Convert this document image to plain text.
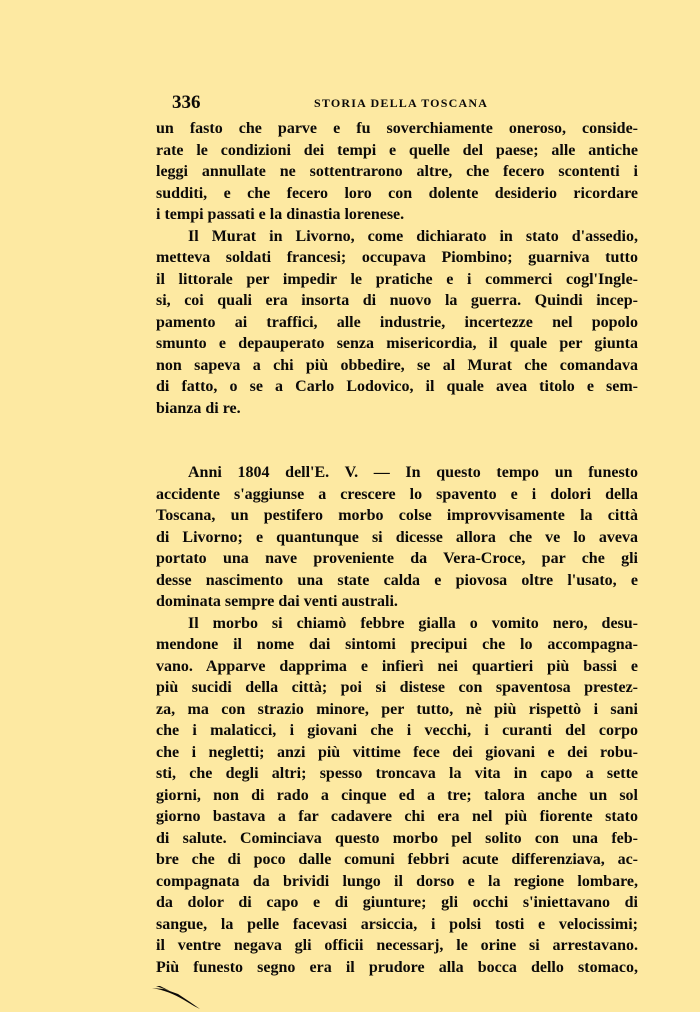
336	STORIA DELLA TOSCANA
un fasto che parve e fu soverchiamente oneroso, conside-
rate le condizioni dei tempi e quelle del paese; alle antiche
leggi annullate ne sottentrarono altre, che fecero scontenti i
sudditi, e che fecero loro con dolente desiderio ricordare
i tempi passati e la dinastia lorenese.
Il Murat in Livorno, come dichiarato in stato d'assedio,
metteva soldati francesi; occupava Piombino; guarniva tutto
il littorale per impedir le pratiche e i commerci cogl'Ingle-
si, coi quali era insorta di nuovo la guerra. Quindi incep-
pamento ai traffici, alle industrie, incertezze nel popolo
smunto e depauperato senza misericordia, il quale per giunta
non sapeva a chi più obbedire, se al Murat che comandava
di fatto, o se a Carlo Lodovico, il quale avea titolo e sem-
bianza di re.
Anni 1804 dell'E. V. — In questo tempo un funesto
accidente s'aggiunse a crescere lo spavento e i dolori della
Toscana, un pestifero morbo colse improvvisamente la città
di Livorno; e quantunque si dicesse allora che ve lo aveva
portato una nave proveniente da Vera-Croce, par che gli
desse nascimento una state calda e piovosa oltre l'usato, e
dominata sempre dai venti australi.
Il morbo si chiamò febbre gialla o vomito nero, desu-
mendone il nome dai sintomi precipui che lo accompagna-
vano. Apparve dapprima e infierì nei quartieri più bassi e
più sucidi della città; poi si distese con spaventosa prestez-
za, ma con strazio minore, per tutto, nè più rispettò i sani
che i malaticci, i giovani che i vecchi, i curanti del corpo
che i negletti; anzi più vittime fece dei giovani e dei robu-
sti, che degli altri; spesso troncava la vita in capo a sette
giorni, non di rado a cinque ed a tre; talora anche un sol
giorno bastava a far cadavere chi era nel più fiorente stato
di salute. Cominciava questo morbo pel solito con una feb-
bre che di poco dalle comuni febbri acute differenziava, ac-
compagnata da brividi lungo il dorso e la regione lombare,
da dolor di capo e di giunture; gli occhi s'iniettavano di
sangue, la pelle facevasi arsiccia, i polsi tosti e velocissimi;
il ventre negava gli officii necessarj, le orine si arrestavano.
Più funesto segno era il prudore alla bocca dello stomaco,
